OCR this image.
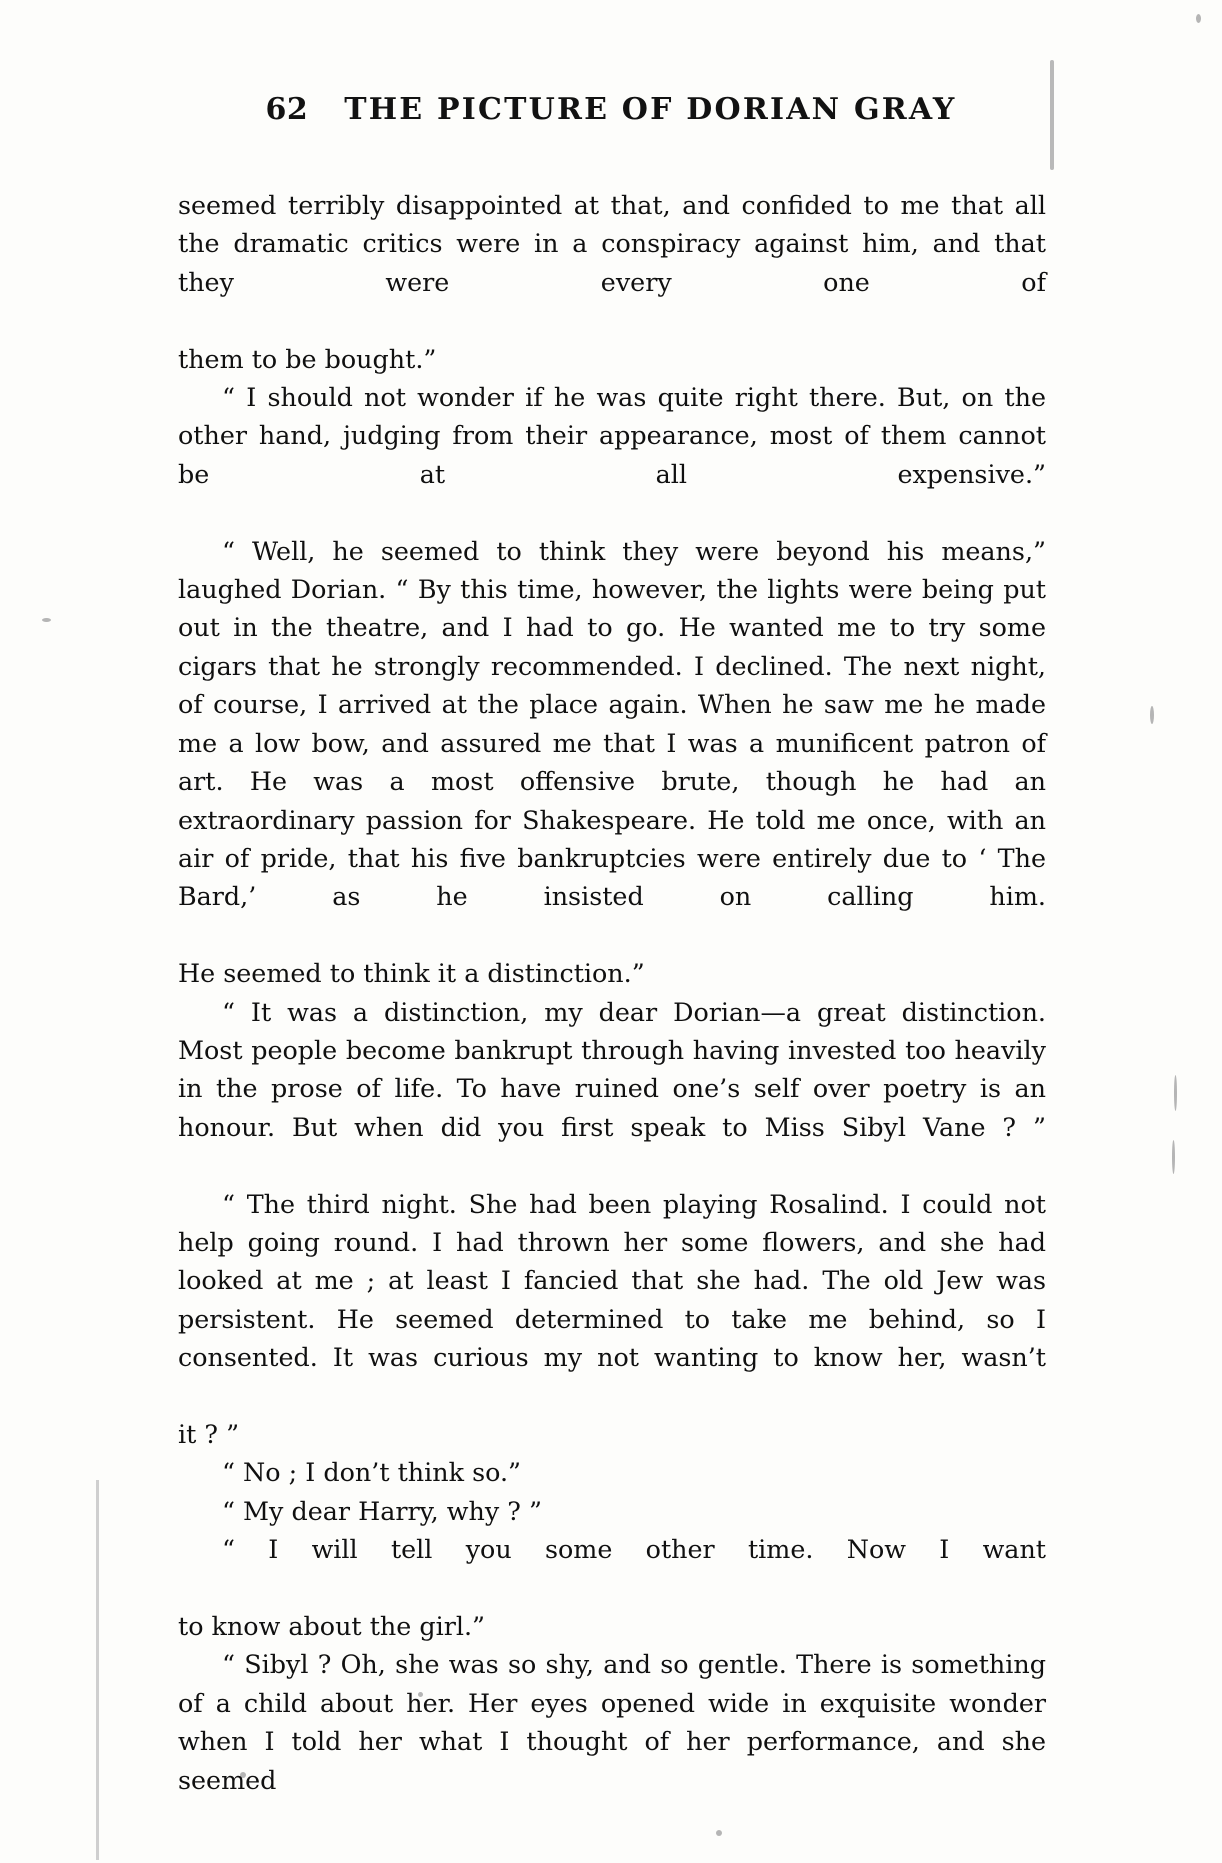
62 THE PICTURE OF DORIAN GRAY

seemed terribly disappointed at that, and confided to me that all the dramatic critics were in a conspiracy against him, and that they were every one of

them to be bought.”

“ I should not wonder if he was quite right there. But, on the other hand, judging from their appearance, most of them cannot be at all expensive.”

“ Well, he seemed to think they were beyond his means,” laughed Dorian. “ By this time, however, the lights were being put out in the theatre, and I had to go. He wanted me to try some cigars that he strongly recommended. I declined. The next night, of course, I arrived at the place again. When he saw me he made me a low bow, and assured me that I was a munificent patron of art. He was a most offensive brute, though he had an extraordinary passion for Shakespeare. He told me once, with an air of pride, that his five bankruptcies were entirely due to ‘ The Bard,’ as he insisted on calling him.

He seemed to think it a distinction.”

“ It was a distinction, my dear Dorian—a great distinction. Most people become bankrupt through having invested too heavily in the prose of life. To have ruined one’s self over poetry is an honour. But when did you first speak to Miss Sibyl Vane ? ”

“ The third night. She had been playing Rosalind. I could not help going round. I had thrown her some flowers, and she had looked at me ; at least I fancied that she had. The old Jew was persistent. He seemed determined to take me behind, so I consented. It was curious my not wanting to know her, wasn’t

it ? ”

“ No ; I don’t think so.”

“ My dear Harry, why ? ”

“ I will tell you some other time. Now I want

to know about the girl.”

“ Sibyl ? Oh, she was so shy, and so gentle. There is something of a child about her. Her eyes opened wide in exquisite wonder when I told her what I thought of her performance, and she seemed
